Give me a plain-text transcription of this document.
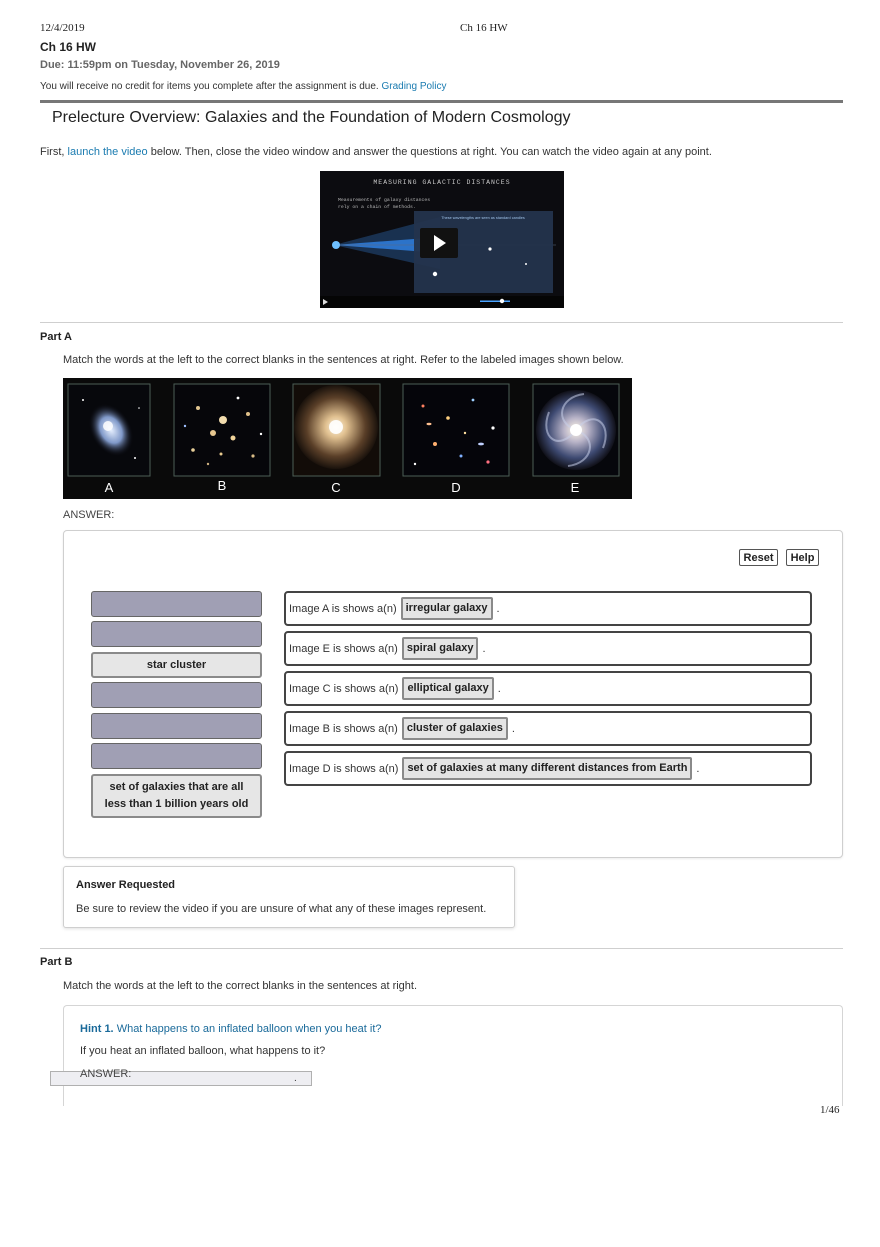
12/4/2019	Ch 16 HW
Ch 16 HW
Due: 11:59pm on Tuesday, November 26, 2019
You will receive no credit for items you complete after the assignment is due. Grading Policy
Prelecture Overview: Galaxies and the Foundation of Modern Cosmology
First, launch the video below. Then, close the video window and answer the questions at right. You can watch the video again at any point.
MEASURING GALACTIC DISTANCES
Measurements of galaxy distances
rely on a chain of methods.
These wavelengths are seen as standard candles
Part A
Match the words at the left to the correct blanks in the sentences at right. Refer to the labeled images shown below.
A	B	C	D	E
ANSWER:
Reset	Help
star cluster
set of galaxies that are all less than 1 billion years old
Image A is shows a(n) irregular galaxy .
Image E is shows a(n) spiral galaxy .
Image C is shows a(n) elliptical galaxy .
Image B is shows a(n) cluster of galaxies .
Image D is shows a(n) set of galaxies at many different distances from Earth .
Answer Requested
Be sure to review the video if you are unsure of what any of these images represent.
Part B
Match the words at the left to the correct blanks in the sentences at right.
Hint 1. What happens to an inflated balloon when you heat it?
If you heat an inflated balloon, what happens to it?
ANSWER:	.
1/46
